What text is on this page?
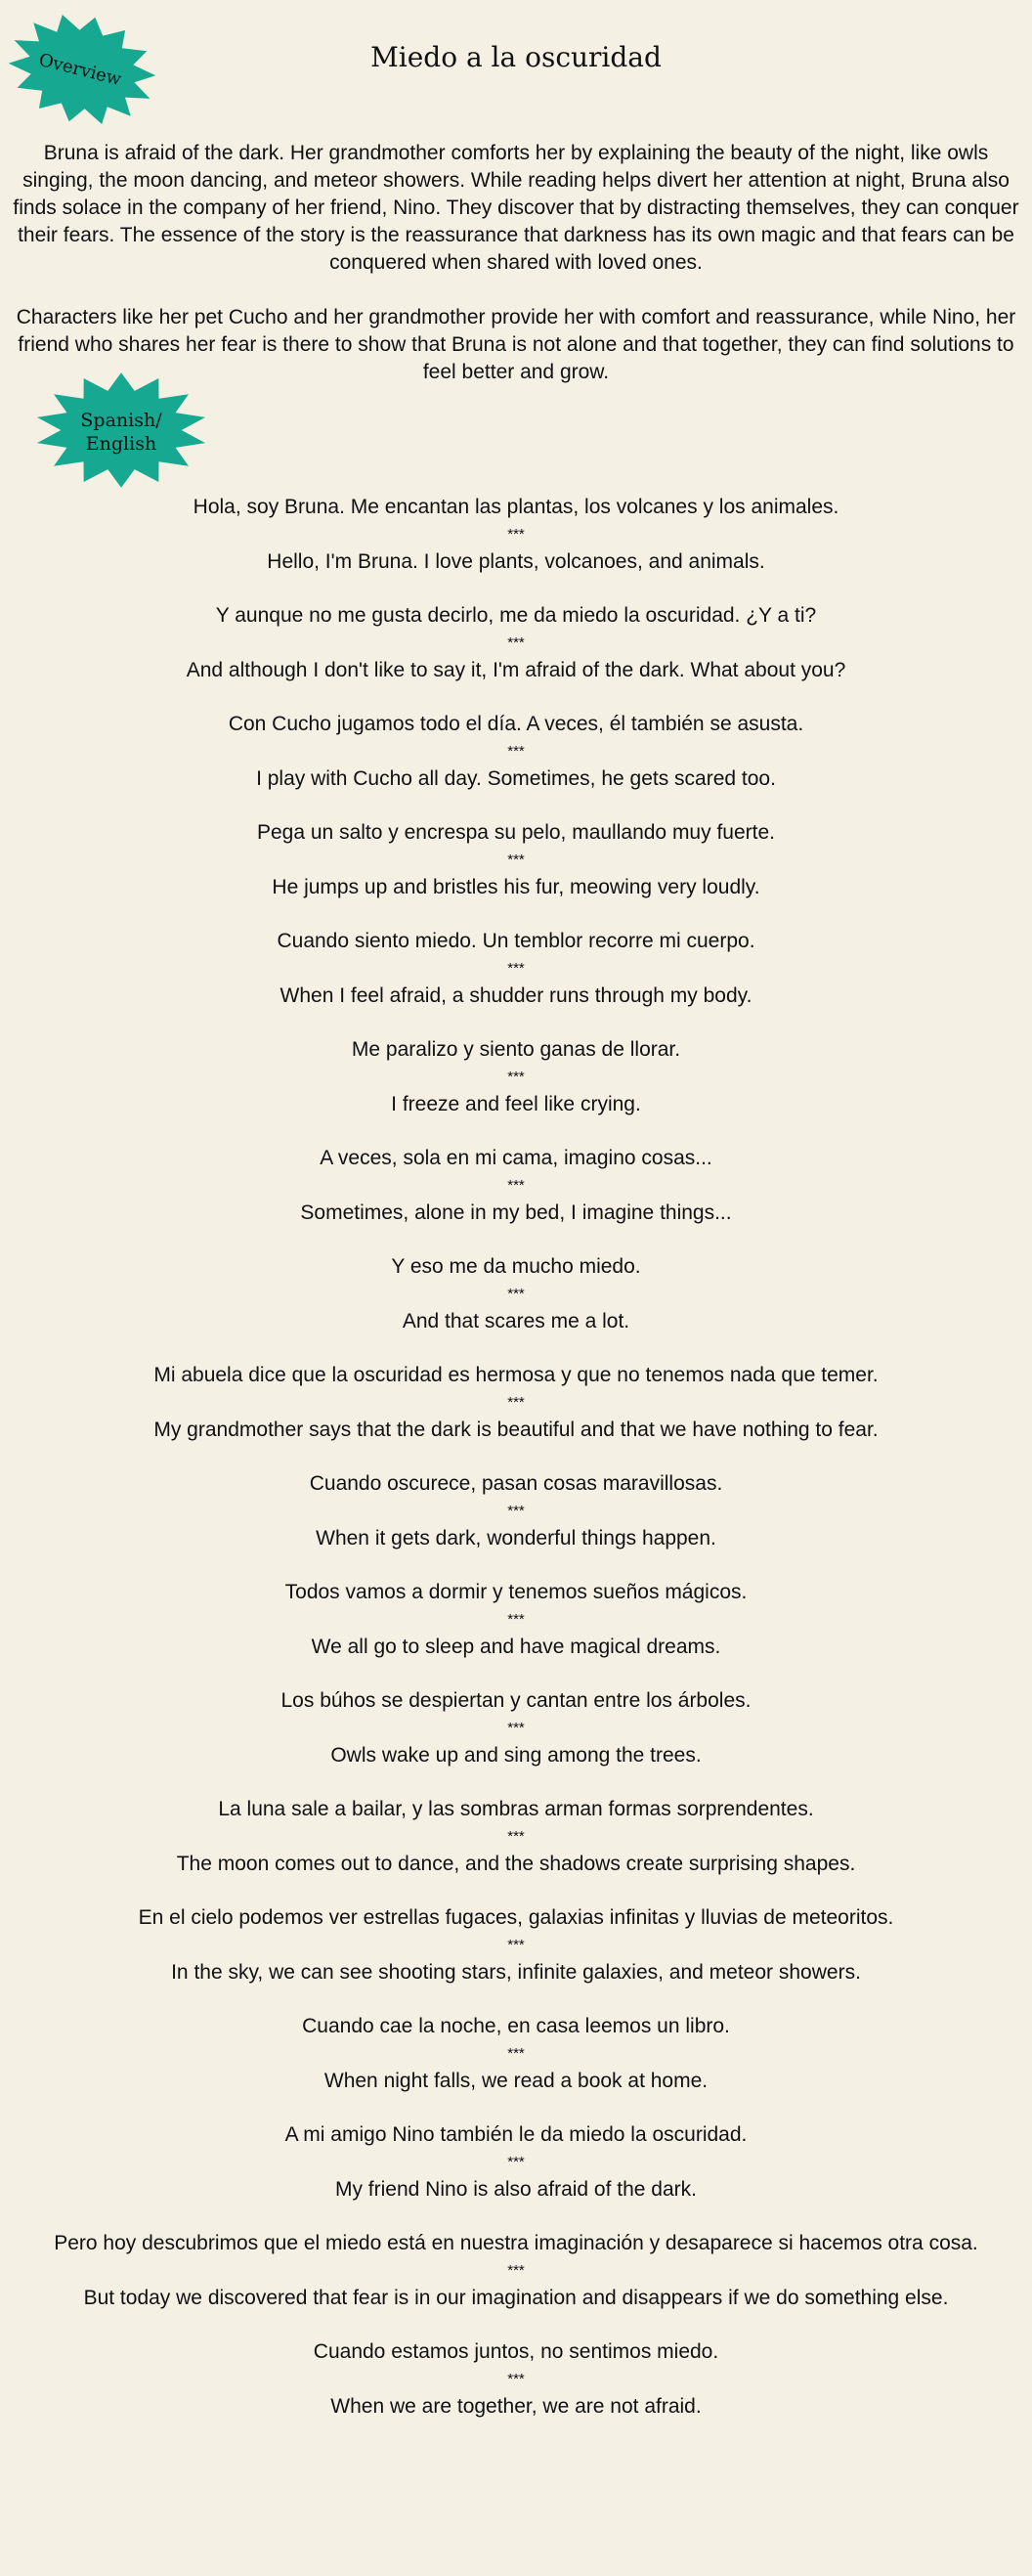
Overview	Miedo a la oscuridad
Spanish/
English

Bruna is afraid of the dark. Her grandmother comforts her by explaining the beauty of the night, like owls singing, the moon dancing, and meteor showers. While reading helps divert her attention at night, Bruna also finds solace in the company of her friend, Nino. They discover that by distracting themselves, they can conquer their fears. The essence of the story is the reassurance that darkness has its own magic and that fears can be conquered when shared with loved ones.

Characters like her pet Cucho and her grandmother provide her with comfort and reassurance, while Nino, her friend who shares her fear is there to show that Bruna is not alone and that together, they can find solutions to feel better and grow.

Hola, soy Bruna. Me encantan las plantas, los volcanes y los animales.
***
Hello, I'm Bruna. I love plants, volcanoes, and animals.
Y aunque no me gusta decirlo, me da miedo la oscuridad. ¿Y a ti?
***
And although I don't like to say it, I'm afraid of the dark. What about you?
Con Cucho jugamos todo el día. A veces, él también se asusta.
***
I play with Cucho all day. Sometimes, he gets scared too.
Pega un salto y encrespa su pelo, maullando muy fuerte.
***
He jumps up and bristles his fur, meowing very loudly.
Cuando siento miedo. Un temblor recorre mi cuerpo.
***
When I feel afraid, a shudder runs through my body.
Me paralizo y siento ganas de llorar.
***
I freeze and feel like crying.
A veces, sola en mi cama, imagino cosas...
***
Sometimes, alone in my bed, I imagine things...
Y eso me da mucho miedo.
***
And that scares me a lot.
Mi abuela dice que la oscuridad es hermosa y que no tenemos nada que temer.
***
My grandmother says that the dark is beautiful and that we have nothing to fear.
Cuando oscurece, pasan cosas maravillosas.
***
When it gets dark, wonderful things happen.
Todos vamos a dormir y tenemos sueños mágicos.
***
We all go to sleep and have magical dreams.
Los búhos se despiertan y cantan entre los árboles.
***
Owls wake up and sing among the trees.
La luna sale a bailar, y las sombras arman formas sorprendentes.
***
The moon comes out to dance, and the shadows create surprising shapes.
En el cielo podemos ver estrellas fugaces, galaxias infinitas y lluvias de meteoritos.
***
In the sky, we can see shooting stars, infinite galaxies, and meteor showers.
Cuando cae la noche, en casa leemos un libro.
***
When night falls, we read a book at home.
A mi amigo Nino también le da miedo la oscuridad.
***
My friend Nino is also afraid of the dark.
Pero hoy descubrimos que el miedo está en nuestra imaginación y desaparece si hacemos otra cosa.
***
But today we discovered that fear is in our imagination and disappears if we do something else.
Cuando estamos juntos, no sentimos miedo.
***
When we are together, we are not afraid.
